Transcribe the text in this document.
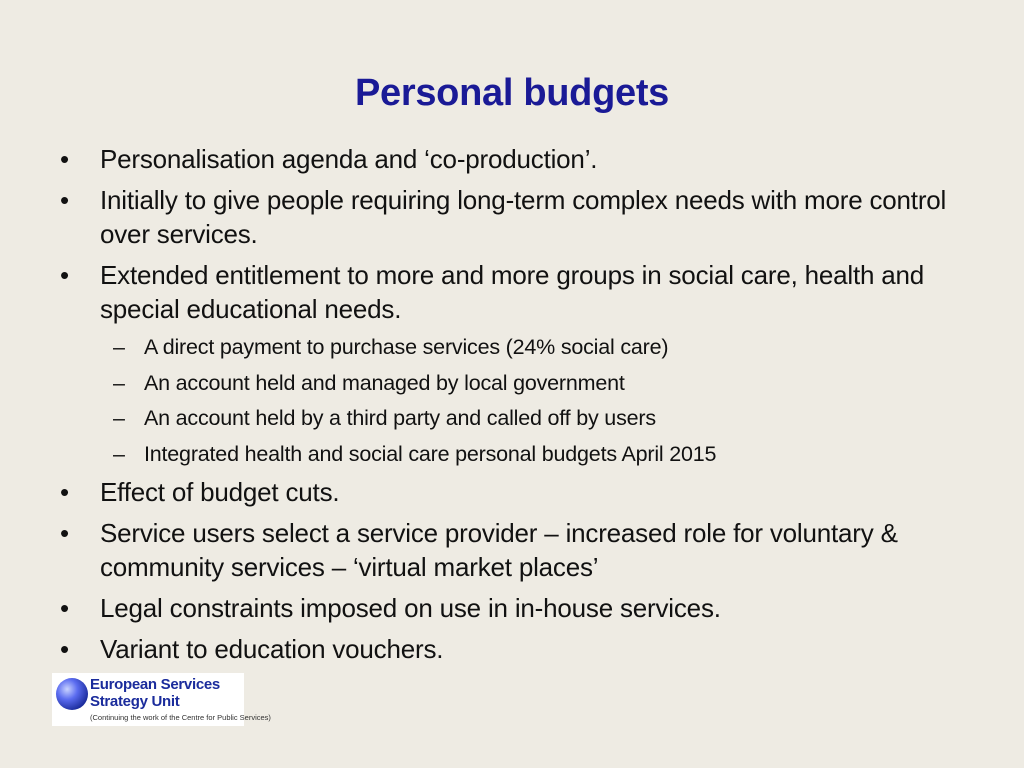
Personal budgets
• Personalisation agenda and ‘co-production’.
• Initially to give people requiring long-term complex needs with more control over services.
• Extended entitlement to more and more groups in social care, health and special educational needs.
– A direct payment to purchase services (24% social care)
– An account held and managed by local government
– An account held by a third party and called off by users
– Integrated health and social care personal budgets April 2015
• Effect of budget cuts.
• Service users select a service provider – increased role for voluntary & community services – ‘virtual market places’
• Legal constraints imposed on use in in-house services.
• Variant to education vouchers.
European Services
Strategy Unit
(Continuing the work of the Centre for Public Services)
